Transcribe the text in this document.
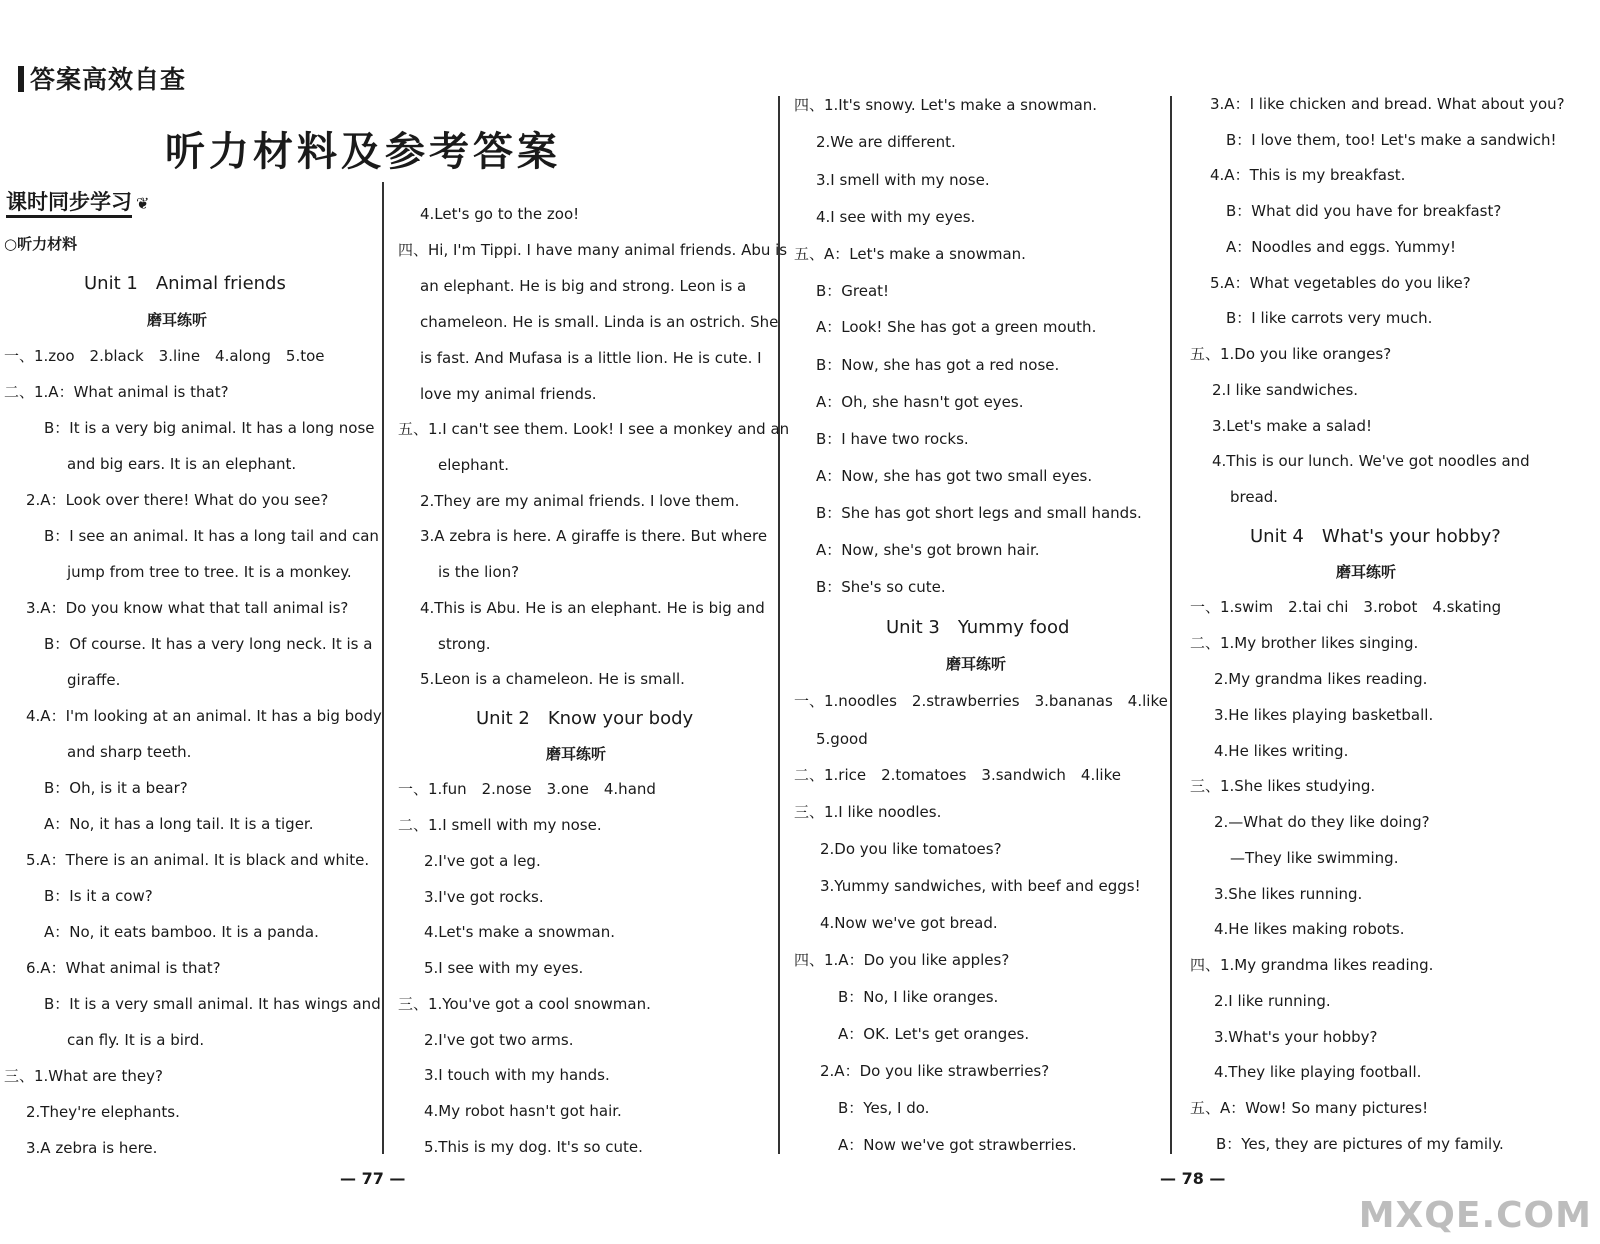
答案高效自查
听力材料及参考答案
课时同步学习 ❦
○听力材料
Unit 1　Animal friends
磨耳练听
一、1.zoo　2.black　3.line　4.along　5.toe
二、1.A：What animal is that?
B：It is a very big animal. It has a long nose
and big ears. It is an elephant.
2.A：Look over there! What do you see?
B：I see an animal. It has a long tail and can
jump from tree to tree. It is a monkey.
3.A：Do you know what that tall animal is?
B：Of course. It has a very long neck. It is a
giraffe.
4.A：I'm looking at an animal. It has a big body
and sharp teeth.
B：Oh, is it a bear?
A：No, it has a long tail. It is a tiger.
5.A：There is an animal. It is black and white.
B：Is it a cow?
A：No, it eats bamboo. It is a panda.
6.A：What animal is that?
B：It is a very small animal. It has wings and
can fly. It is a bird.
三、1.What are they?
2.They're elephants.
3.A zebra is here.
4.Let's go to the zoo!
四、Hi, I'm Tippi. I have many animal friends. Abu is
an elephant. He is big and strong. Leon is a
chameleon. He is small. Linda is an ostrich. She
is fast. And Mufasa is a little lion. He is cute. I
love my animal friends.
五、1.I can't see them. Look! I see a monkey and an
elephant.
2.They are my animal friends. I love them.
3.A zebra is here. A giraffe is there. But where
is the lion?
4.This is Abu. He is an elephant. He is big and
strong.
5.Leon is a chameleon. He is small.
Unit 2　Know your body
磨耳练听
一、1.fun　2.nose　3.one　4.hand
二、1.I smell with my nose.
2.I've got a leg.
3.I've got rocks.
4.Let's make a snowman.
5.I see with my eyes.
三、1.You've got a cool snowman.
2.I've got two arms.
3.I touch with my hands.
4.My robot hasn't got hair.
5.This is my dog. It's so cute.
四、1.It's snowy. Let's make a snowman.
2.We are different.
3.I smell with my nose.
4.I see with my eyes.
五、A：Let's make a snowman.
B：Great!
A：Look! She has got a green mouth.
B：Now, she has got a red nose.
A：Oh, she hasn't got eyes.
B：I have two rocks.
A：Now, she has got two small eyes.
B：She has got short legs and small hands.
A：Now, she's got brown hair.
B：She's so cute.
Unit 3　Yummy food
磨耳练听
一、1.noodles　2.strawberries　3.bananas　4.like
5.good
二、1.rice　2.tomatoes　3.sandwich　4.like
三、1.I like noodles.
2.Do you like tomatoes?
3.Yummy sandwiches, with beef and eggs!
4.Now we've got bread.
四、1.A：Do you like apples?
B：No, I like oranges.
A：OK. Let's get oranges.
2.A：Do you like strawberries?
B：Yes, I do.
A：Now we've got strawberries.
3.A：I like chicken and bread. What about you?
B：I love them, too! Let's make a sandwich!
4.A：This is my breakfast.
B：What did you have for breakfast?
A：Noodles and eggs. Yummy!
5.A：What vegetables do you like?
B：I like carrots very much.
五、1.Do you like oranges?
2.I like sandwiches.
3.Let's make a salad!
4.This is our lunch. We've got noodles and
bread.
Unit 4　What's your hobby?
磨耳练听
一、1.swim　2.tai chi　3.robot　4.skating
二、1.My brother likes singing.
2.My grandma likes reading.
3.He likes playing basketball.
4.He likes writing.
三、1.She likes studying.
2.—What do they like doing?
—They like swimming.
3.She likes running.
4.He likes making robots.
四、1.My grandma likes reading.
2.I like running.
3.What's your hobby?
4.They like playing football.
五、A：Wow! So many pictures!
B：Yes, they are pictures of my family.
— 77 —	— 78 —
MXQE.COM
